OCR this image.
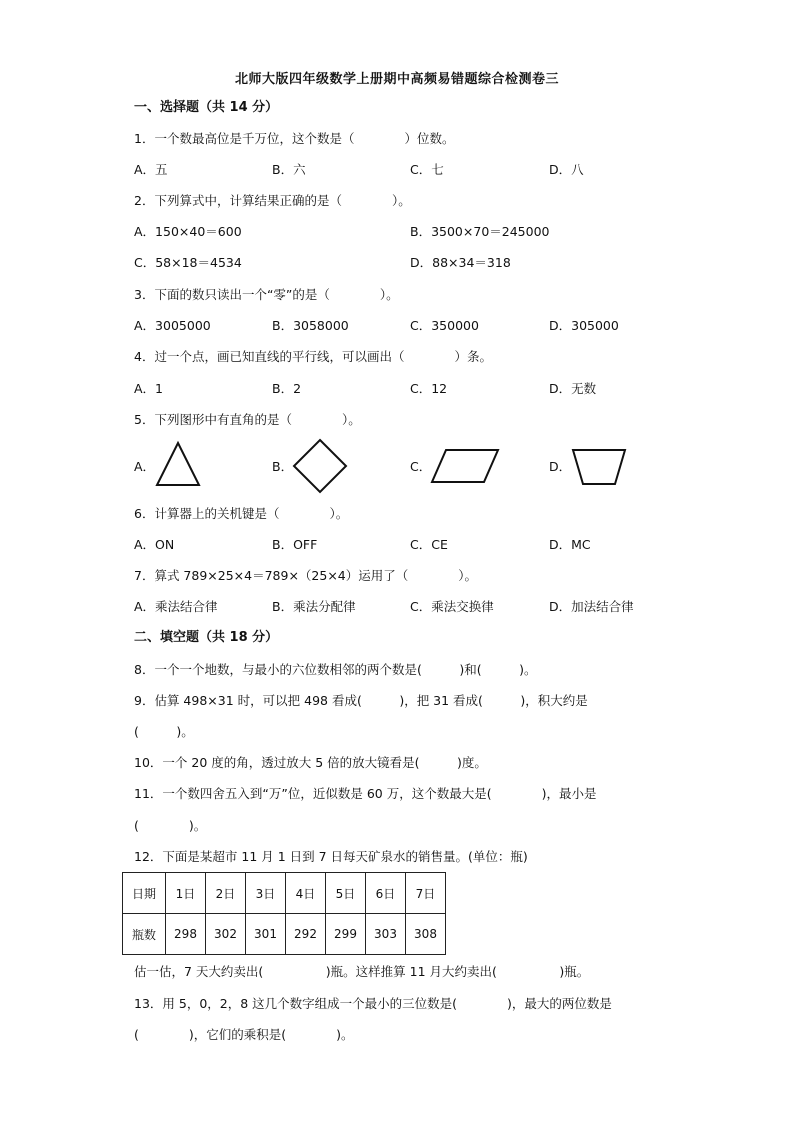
北师大版四年级数学上册期中高频易错题综合检测卷三
一、选择题（共 14 分）
1．一个数最高位是千万位，这个数是（　　　　）位数。
A．五	B．六	C．七	D．八
2．下列算式中，计算结果正确的是（　　　　）。
A．150×40＝600	B．3500×70＝245000
C．58×18＝4534	D．88×34＝318
3．下面的数只读出一个“零”的是（　　　　）。
A．3005000	B．3058000	C．350000	D．305000
4．过一个点，画已知直线的平行线，可以画出（　　　　）条。
A．1	B．2	C．12	D．无数
5．下列图形中有直角的是（　　　　）。
A．	B．	C．	D．
6．计算器上的关机键是（　　　　）。
A．ON	B．OFF	C．CE	D．MC
7．算式 789×25×4＝789×（25×4）运用了（　　　　）。
A．乘法结合律	B．乘法分配律	C．乘法交换律	D．加法结合律
二、填空题（共 18 分）
8．一个一个地数，与最小的六位数相邻的两个数是(　　　)和(　　　)。
9．估算 498×31 时，可以把 498 看成(　　　)，把 31 看成(　　　)，积大约是
(　　　)。
10．一个 20 度的角，透过放大 5 倍的放大镜看是(　　　)度。
11．一个数四舍五入到“万”位，近似数是 60 万，这个数最大是(　　　　)，最小是
(　　　　)。
12．下面是某超市 11 月 1 日到 7 日每天矿泉水的销售量。(单位：瓶)
日期	1日	2日	3日	4日	5日	6日	7日
瓶数	298	302	301	292	299	303	308
估一估，7 天大约卖出(　　　　　)瓶。这样推算 11 月大约卖出(　　　　　)瓶。
13．用 5，0，2，8 这几个数字组成一个最小的三位数是(　　　　)，最大的两位数是
(　　　　)，它们的乘积是(　　　　)。
